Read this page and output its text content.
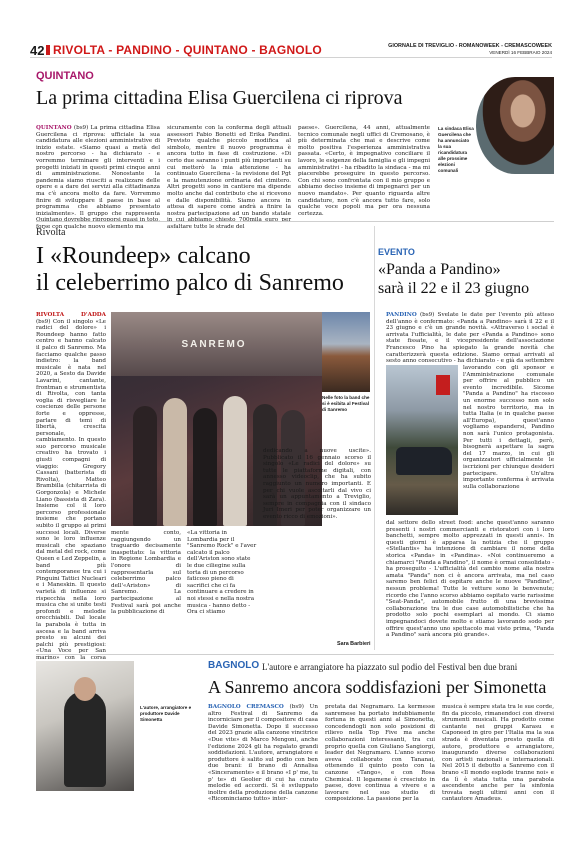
42 RIVOLTA - PANDINO - QUINTANO - BAGNOLO	GIORNALE DI TREVIGLIO - ROMANOWEEK - CREMASCOWEEK
VENERDÌ 16 FEBBRAIO 2024
QUINTANO
La prima cittadina Elisa Guercilena ci riprova
La sindaca Elisa Guercilena che ha annunciato la sua ricandidatura alle prossime elezioni comunali
QUINTANO (bs9) La prima cittadina Elisa Guercilena ci riprova: ufficiale la sua candidatura alle elezioni amministrative di inizio estate. «Siamo quasi a metà del nostro percorso - ha dichiarato - e vorremmo terminare gli interventi e i progetti iniziati in questi primi cinque anni di amministrazione. Nonostante la pandemia siamo riusciti a realizzare delle opere e a dare dei servizi alla cittadinanza ma c'è ancora molto da fare. Vorremmo finire di sviluppare il paese in base al programma che abbiamo presentato inizialmente». Il gruppo che rappresenta forse con qualche nuovo elemento ma
sicuramente con la conferma degli attuali assessori Fabio Bonetti ed Erika Pandini. Previsto qualche piccolo modifica al simbolo, mentre il nuovo programma è ancora tutto in fase di costruzione. «Di certo due saranno i punti più importanti su cui metterò la mia attenzione - ha continuato Guercilena - la revisione del Pgt e la manutenzione ordinaria del cimitero. Altri progetti sono in cantiere ma dipende molto anche dal contributo che si ricevono e dalle disponibilità. Siamo ancora in attesa di sapere come andrà a finire la nostra partecipazione ad un bando statale asfaltare tutte le strade del
paese». Guercilena, 44 anni, attualmente tecnico comunale negli uffici di Cremosano, è più determinata che mai e descrive come molto positiva l'esperienza amministrativa passata. «Certo, è impegnativo conciliare il lavoro, le esigenze della famiglia e gli impegni amministrativi - ha ribadito la sindaca - ma mi piacerebbe proseguire in questo percorso. Con chi sono confrontata con il mio gruppo e abbiamo deciso insieme di impegnarci per un nuovo mandato». Per quanto riguarda altre candidature, non c'è ancora tutto fare, solo qualche voce popoli ma per ora nessuna certezza.
Rivolta
I «Roundeep» calcano
il celeberrimo palco di Sanremo
RIVOLTA D'ADDA (bs9) Con il singolo «Le radici del dolore» i Roundeep hanno fatto centro e hanno calcato il palco di Sanremo. Ma facciamo qualche passo indietro: la band musicale è nata nel 2020, a Sesto da Davide Lavarini, cantante, frontman e strumentista di Rivolta, con tanta voglia di risvegliare le coscienze delle persone forte e oppresse, parlare di temi di libertà, crescita personale, cambiamento. In questo suo percorso musicale creativo ha trovato i giusti compagni di viaggio: Gregory Cassani (batterista di Rivolta), Matteo Brambilla (chitarrista di Gorgonzola) e Michele Liano (bassista di Zara). Insieme col il loro percorso professionale insieme che portano subito il gruppo ai primi successi locali. Diverse sono le loro influenze musicali che spaziano dal metal del rock, come Queen e Led Zeppelin, a band più contemporanee tra cui i Pinguini Tattici Nucleari e i Maneskin. Il questo varietà di influenze si rispecchia nella loro musica che si unite testi profondi e melodie orecchiabili. Dal locale la parabola è tutta in ascesa e la band arriva presto su alcuni dei palchi più prestigiosi: «Una Voce per San marino» con la corsa
SANREMO
Nelle foto la band che si è esibita al Festival di Sanremo
mente conto, raggiungendo un traguardo decisamente inaspettato: la vittoria in Regione Lombardia e l'onore di rappresentarla sul celeberrimo palco dell'«Ariston» di Sanremo. La partecipazione al Festival sarà poi anche la pubblicazione di
«La vittoria in Lombardia per il "Sanremo Rock" e l'aver calcato il palco dell'Ariston sono state le due ciliegine sulla torta di un percorso faticoso pieno di sacrifici che ci fa continuare a credere in noi stessi e nella nostra musica - hanno detto - Ora ci stiamo
dedicando a nuove uscite». Pubblicato il 16 gennaio scorso il singolo «Le radici del dolore» su tutte le piattaforme digitali, con annesso videoclip, che ha subito raggiunto un numero importanti. E per chi vuole ascoltarli dal vivo ci sarà un appuntamento a Treviglio, sempre in compagnia con il sindaco Juri Imeri per poter organizzare un evento ricco di emozioni».
Sara Barbieri
EVENTO
«Panda a Pandino»
sarà il 22 e il 23 giugno
PANDINO (bs9) Svelate le date per l'evento più atteso dell'anno è confermato: «Panda a Pandino» sarà il 22 e il 23 giugno e c'è un grande novità. «Attraverso i social è arrivata l'ufficialità, le date per «Panda a Pandino» sono state fissate, e il vicepresidente dell'associazione Francesco Pino ha spiegato la grande novità che caratterizzerà questa edizione. Siamo ormai arrivati al sesto anno consecutivo - ha dichiarato - e già da settembre
lavorando con gli sponsor e l'Amministrazione comunale per offrire al pubblico un evento incredibile. Sicome "Panda a Pandino" ha riscosso un enorme successo non solo nel nostro territorio, ma in tutta Italia (e in qualche paese all'Europa), quest'anno vogliamo espandersi, Pandino non sarà l'unico protagonista. Per tutti i dettagli, però, bisognerà aspettare la sagra del 17 marzo, in cui gli organizzatori ufficialmente le iscrizioni per chiunque desideri partecipare. Un'altra importante conferma è arrivata sulla collaborazione
dal settore dello street food: anche quest'anno saranno presenti i nostri commercianti e ristoratori con i loro banchetti, sempre molto apprezzati in questi anni». In questi giorni è apparsa la notizia che il gruppo «Stellantis» ha intenzione di cambiare il nome della storica «Panda» in «Pandina». «Noi continueremo a chiamarci "Panda a Pandino", il nome è ormai consolidato - ha proseguito - L'ufficialità del cambio nome alla nostra amata "Panda" non ci è ancora arrivata, ma nel caso saremo ben felici di ospitare anche le nuove "Pandine", nessun problema! Tutte le vetture sono le benvenute; ricordo che l'anno scorso abbiamo ospitato varie rarissime "Seat-Panda", automobile frutto di una brevissima collaborazione tra le due case automobilistiche che ha prodotto solo pochi esemplari al mondo. Ci siamo impegnandoci dovete molto e stiamo lavorando sodo per offrire quest'anno uno spettacolo mai visto prima, "Panda a Pandino" sarà ancora più grande».
L'autore, arrangiatore e produttore Davide Simonetta
BAGNOLO L'autore e arrangiatore ha piazzato sul podio del Festival ben due brani
A Sanremo ancora soddisfazioni per Simonetta
BAGNOLO CREMASCO (bs9) Un altro Festival di Sanremo da incorniciare per il compositore di casa Davide Simonetta. Dopo il successo del 2023 grazie alla canzone vincitrice «Due vite» di Marco Mengoni, anche l'edizione 2024 gli ha regalato grandi soddisfazioni. L'autore, arrangiatore e produttore è salito sul podio con ben due brani: il brano di Annalisa «Sinceramente» e il brano «I p' me, tu p' te» di Geolier di cui ha curato melodie ed accordi. Si è sviluppato inoltre della produzione della canzone «Ricominciamo tutto» inter-
pretata dai Negramaro. La kermesse sanremese ha portato indubbiamente fortuna in questi anni al Simonetta, concedendogli non solo posizioni di rilievo nella Top Five ma anche collaborazioni interessanti, tra cui proprio quella con Giuliano Sangiorgi, leader dei Negramaro. L'anno scorso aveva collaborato con Tananai, ottenendo il quinto posto con la canzone «Tango», e con Rosa Chemical. Il legamene è cresciuto in paese, dove continua a vivere e a lavorare nel suo studio di composizione. La passione per la
musica è sempre stata tra le sue corde, fin da piccolo, rimanendoci con diversi strumenti musicali. Ha prodotto come cantante nei gruppi Karasu e Caponeed in giro per l'Italia ma la sua strada è diventata presto quella di autore, produttore e arrangiatore, inaugurando diverse collaborazioni con artisti nazionali e internazionali. Nel 2015 il debutto a Sanremo con il brano «Il mondo esplode tranne noi» e da lì è stata tutta una parabola ascendente anche per la sinfonia trovata negli ultimi anni con il cantautore Amadeus.
